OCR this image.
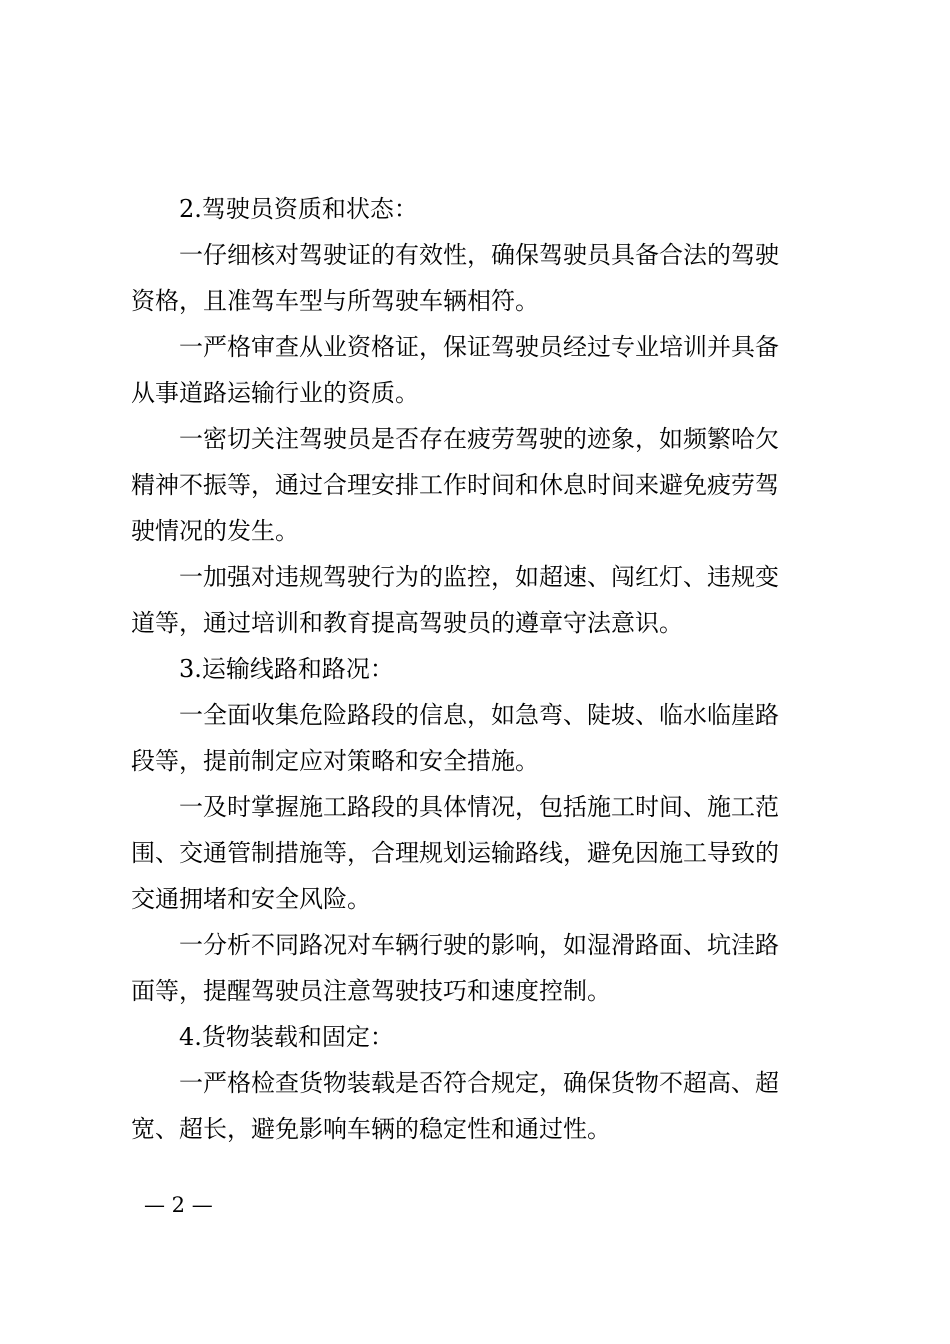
2.驾驶员资质和状态：
一仔细核对驾驶证的有效性，确保驾驶员具备合法的驾驶
资格，且准驾车型与所驾驶车辆相符。
一严格审查从业资格证，保证驾驶员经过专业培训并具备
从事道路运输行业的资质。
一密切关注驾驶员是否存在疲劳驾驶的迹象，如频繁哈欠
精神不振等，通过合理安排工作时间和休息时间来避免疲劳驾
驶情况的发生。
一加强对违规驾驶行为的监控，如超速、闯红灯、违规变
道等，通过培训和教育提高驾驶员的遵章守法意识。
3.运输线路和路况：
一全面收集危险路段的信息，如急弯、陡坡、临水临崖路
段等，提前制定应对策略和安全措施。
一及时掌握施工路段的具体情况，包括施工时间、施工范
围、交通管制措施等，合理规划运输路线，避免因施工导致的
交通拥堵和安全风险。
一分析不同路况对车辆行驶的影响，如湿滑路面、坑洼路
面等，提醒驾驶员注意驾驶技巧和速度控制。
4.货物装载和固定：
一严格检查货物装载是否符合规定，确保货物不超高、超
宽、超长，避免影响车辆的稳定性和通过性。
— 2 —
